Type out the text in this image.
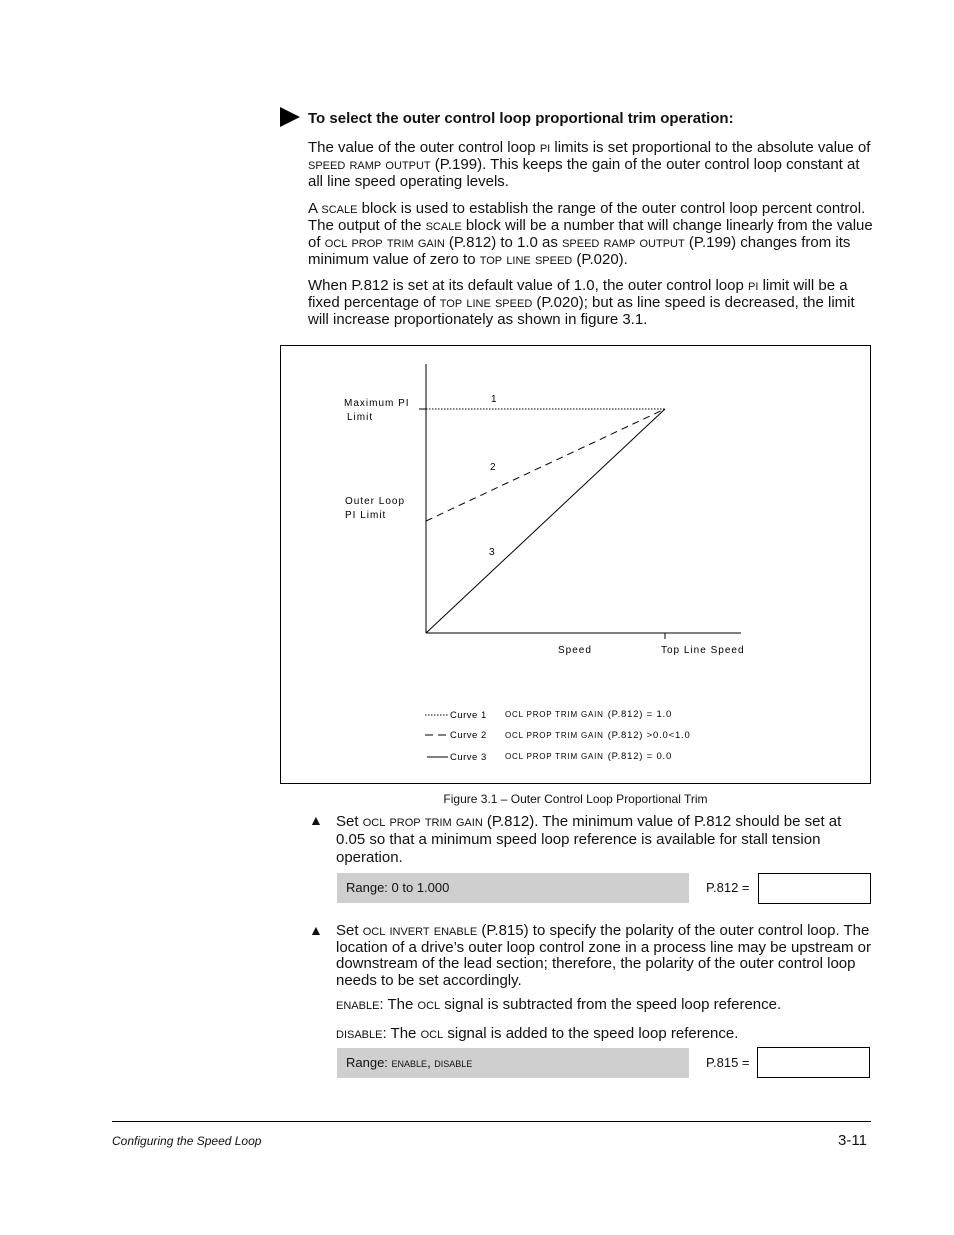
To select the outer control loop proportional trim operation:
The value of the outer control loop pi limits is set proportional to the absolute value of speed ramp output (P.199). This keeps the gain of the outer control loop constant at all line speed operating levels.
A scale block is used to establish the range of the outer control loop percent control. The output of the scale block will be a number that will change linearly from the value of ocl prop trim gain (P.812) to 1.0 as speed ramp output (P.199) changes from its minimum value of zero to top line speed (P.020).
When P.812 is set at its default value of 1.0, the outer control loop pi limit will be a fixed percentage of top line speed (P.020); but as line speed is decreased, the limit will increase proportionately as shown in figure 3.1.
Maximum PI
Limit
Outer Loop
PI Limit
1
2
3
Speed	Top Line Speed
Curve 1 OCL PROP TRIM GAIN (P.812) = 1.0
Curve 2 OCL PROP TRIM GAIN (P.812) >0.0<1.0
Curve 3 OCL PROP TRIM GAIN (P.812) = 0.0
Figure 3.1 – Outer Control Loop Proportional Trim
▲ Set ocl prop trim gain (P.812). The minimum value of P.812 should be set at 0.05 so that a minimum speed loop reference is available for stall tension operation.
Range: 0 to 1.000	P.812 =
▲ Set ocl invert enable (P.815) to specify the polarity of the outer control loop. The location of a drive’s outer loop control zone in a process line may be upstream or downstream of the lead section; therefore, the polarity of the outer control loop needs to be set accordingly.
enable: The ocl signal is subtracted from the speed loop reference.
disable: The ocl signal is added to the speed loop reference.
Range: enable, disable	P.815 =
Configuring the Speed Loop	3-11
